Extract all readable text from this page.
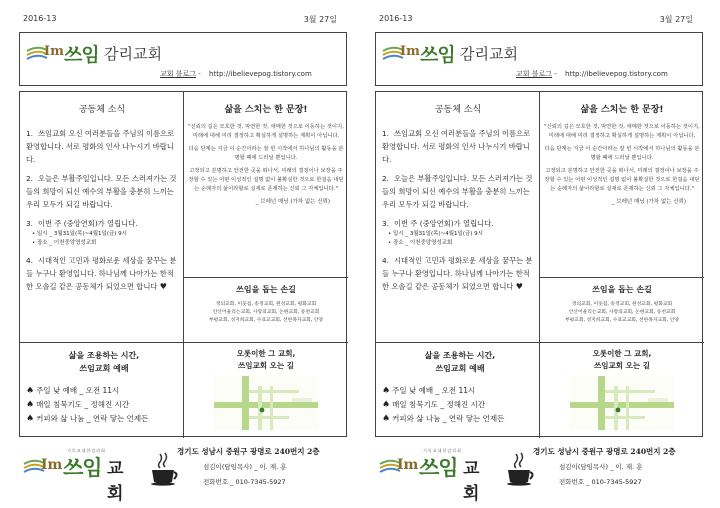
2016-13	3월 27일
Im 쓰임 감리교회
교회 블로그 - http://ibelievepog.tistory.com
공동체 소식
1. 쓰임교회 오신 여러분들을 주님의 이름으로 환영합니다. 서로 평화의 인사 나누시기 바랍니다.
2. 오늘은 부활주일입니다. 모든 스러져가는 것들의 희망이 되신 예수의 부활을 충분히 느끼는 우리 모두가 되길 바랍니다.
3. 이번 주 (중앙연회)가 열립니다.
• 일시 _ 3월31일(목)~4월1일(금) 9시
• 장소 _ 이천중앙영성교회
4. 시대적인 고민과 평화로운 세상을 꿈꾸는 분들 누구나 환영입니다. 하나님께 나아가는 한적한 오솔길 같은 공동체가 되었으면 합니다 ♥
삶을 스치는 한 문장!

"신뢰의 길은 모호한 것, 막연한 것, 애매한 것으로 이동하는 것이지, 미래에 대해 미리 결정하고 확실하게 설명하는 계획이 아닙니다.

다음 단계는 지금 이 순간이라는 잘 빈 시작에서 하나님의 활동을 분명할 때에 드러날 뿐입니다.

고정되고 분명하고 안전한 곳을 떠나서, 미래의 결정이나 보장을 주장할 수 있는 어떤 이성적인 설명 없이 불확실한 것으로 한걸음 내딛는 순례자의 삶이라할로 실재로 존재하는 신뢰 그 자체입니다."

_ 브레넌 매닝 (가차 없는 신뢰)

쓰임을 돕는 손길

정의교회, 이웃집, 송정교회, 원성교회, 평화교회

안산어울리는교회, 사랑의교회, 논현교회, 동천교회

부평교회, 성지희교회, 수표교교회, 선한목자교회, 안양

삶을 조용하는 시간,
쓰임교회 예배
♠ 주일 낮 예배 _ 오전 11시
♠ 매일 침묵기도 _ 정해진 시간
♠ 커피와 삶 나눔 _ 연락 닿는 언제든
오롯이한 그 교회,
쓰임교회 오는 길
기독교대한감리회
Im 쓰임 교회
경기도 성남시 중원구 광명로 240번지 2층
섬김이(담임목사) _ 이. 재. 훈
전화번호 _ 010-7345-5927
2016-13	3월 27일
Im 쓰임 감리교회
교회 블로그 - http://ibelievepog.tistory.com
공동체 소식
1. 쓰임교회 오신 여러분들을 주님의 이름으로 환영합니다. 서로 평화의 인사 나누시기 바랍니다.
2. 오늘은 부활주일입니다. 모든 스러져가는 것들의 희망이 되신 예수의 부활을 충분히 느끼는 우리 모두가 되길 바랍니다.
3. 이번 주 (중앙연회)가 열립니다.
• 일시 _ 3월31일(목)~4월1일(금) 9시
• 장소 _ 이천중앙영성교회
4. 시대적인 고민과 평화로운 세상을 꿈꾸는 분들 누구나 환영입니다. 하나님께 나아가는 한적한 오솔길 같은 공동체가 되었으면 합니다 ♥
삶을 스치는 한 문장!

"신뢰의 길은 모호한 것, 막연한 것, 애매한 것으로 이동하는 것이지, 미래에 대해 미리 결정하고 확실하게 설명하는 계획이 아닙니다.

다음 단계는 지금 이 순간이라는 잘 빈 시작에서 하나님의 활동을 분명할 때에 드러날 뿐입니다.

고정되고 분명하고 안전한 곳을 떠나서, 미래의 결정이나 보장을 주장할 수 있는 어떤 이성적인 설명 없이 불확실한 것으로 한걸음 내딛는 순례자의 삶이라할로 실재로 존재하는 신뢰 그 자체입니다."

_ 브레넌 매닝 (가차 없는 신뢰)

쓰임을 돕는 손길

정의교회, 이웃집, 송정교회, 원성교회, 평화교회

안산어울리는교회, 사랑의교회, 논현교회, 동천교회

부평교회, 성지희교회, 수표교교회, 선한목자교회, 안양

삶을 조용하는 시간,
쓰임교회 예배
♠ 주일 낮 예배 _ 오전 11시
♠ 매일 침묵기도 _ 정해진 시간
♠ 커피와 삶 나눔 _ 연락 닿는 언제든
오롯이한 그 교회,
쓰임교회 오는 길
기독교대한감리회
Im 쓰임 교회
경기도 성남시 중원구 광명로 240번지 2층
섬김이(담임목사) _ 이. 재. 훈
전화번호 _ 010-7345-5927
